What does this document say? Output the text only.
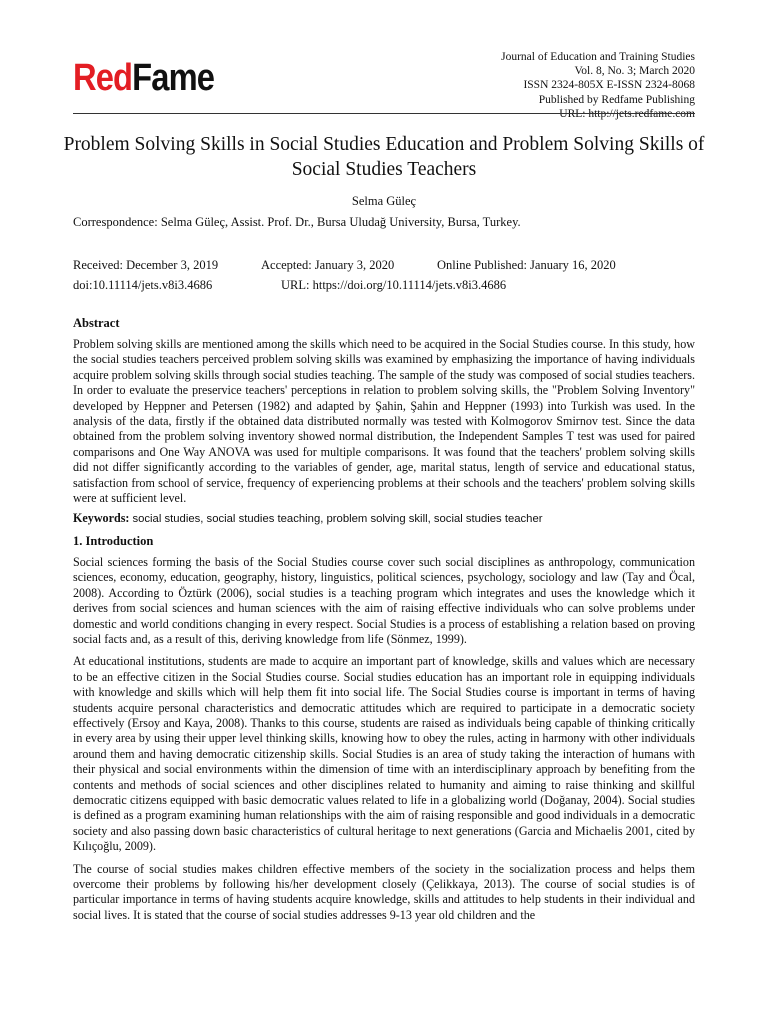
RedFame	Journal of Education and Training Studies
Vol. 8, No. 3; March 2020
ISSN 2324-805X E-ISSN 2324-8068
Published by Redfame Publishing
Problem Solving Skills in Social Studies Education and Problem Solving Skills of Social Studies Teachers
Selma Güleç
Correspondence: Selma Güleç, Assist. Prof. Dr., Bursa Uludağ University, Bursa, Turkey.
Received: December 3, 2019	Accepted: January 3, 2020	Online Published: January 16, 2020
doi:10.11114/jets.v8i3.4686	URL: https://doi.org/10.11114/jets.v8i3.4686
Abstract

Problem solving skills are mentioned among the skills which need to be acquired in the Social Studies course. In this study, how the social studies teachers perceived problem solving skills was examined by emphasizing the importance of having individuals acquire problem solving skills through social studies teaching. The sample of the study was composed of social studies teachers. In order to evaluate the preservice teachers' perceptions in relation to problem solving skills, the "Problem Solving Inventory" developed by Heppner and Petersen (1982) and adapted by Şahin, Şahin and Heppner (1993) into Turkish was used. In the analysis of the data, firstly if the obtained data distributed normally was tested with Kolmogorov Smirnov test. Since the data obtained from the problem solving inventory showed normal distribution, the Independent Samples T test was used for paired comparisons and One Way ANOVA was used for multiple comparisons. It was found that the teachers' problem solving skills did not differ significantly according to the variables of gender, age, marital status, length of service and educational status, satisfaction from school of service, frequency of experiencing problems at their schools and the teachers' problem solving skills were at sufficient level.

Keywords: social studies, social studies teaching, problem solving skill, social studies teacher
1. Introduction

Social sciences forming the basis of the Social Studies course cover such social disciplines as anthropology, communication sciences, economy, education, geography, history, linguistics, political sciences, psychology, sociology and law (Tay and Öcal, 2008). According to Öztürk (2006), social studies is a teaching program which integrates and uses the knowledge which it derives from social sciences and human sciences with the aim of raising effective individuals who can solve problems under domestic and world conditions changing in every respect. Social Studies is a process of establishing a relation based on proving social facts and, as a result of this, deriving knowledge from life (Sönmez, 1999).

At educational institutions, students are made to acquire an important part of knowledge, skills and values which are necessary to be an effective citizen in the Social Studies course. Social studies education has an important role in equipping individuals with knowledge and skills which will help them fit into social life. The Social Studies course is important in terms of having students acquire personal characteristics and democratic attitudes which are required to participate in a democratic society effectively (Ersoy and Kaya, 2008). Thanks to this course, students are raised as individuals being capable of thinking critically in every area by using their upper level thinking skills, knowing how to obey the rules, acting in harmony with other individuals around them and having democratic citizenship skills. Social Studies is an area of study taking the interaction of humans with their physical and social environments within the dimension of time with an interdisciplinary approach by benefiting from the contents and methods of social sciences and other disciplines related to humanity and aiming to raise thinking and skillful democratic citizens equipped with basic democratic values related to life in a globalizing world (Doğanay, 2004). Social studies is defined as a program examining human relationships with the aim of raising responsible and good individuals in a democratic society and also passing down basic characteristics of cultural heritage to next generations (Garcia and Michaelis 2001, cited by Kılıçoğlu, 2009).

The course of social studies makes children effective members of the society in the socialization process and helps them overcome their problems by following his/her development closely (Çelikkaya, 2013). The course of social studies is of particular importance in terms of having students acquire knowledge, skills and attitudes to help students in their individual and social lives. It is stated that the course of social studies addresses 9-13 year old children and the
